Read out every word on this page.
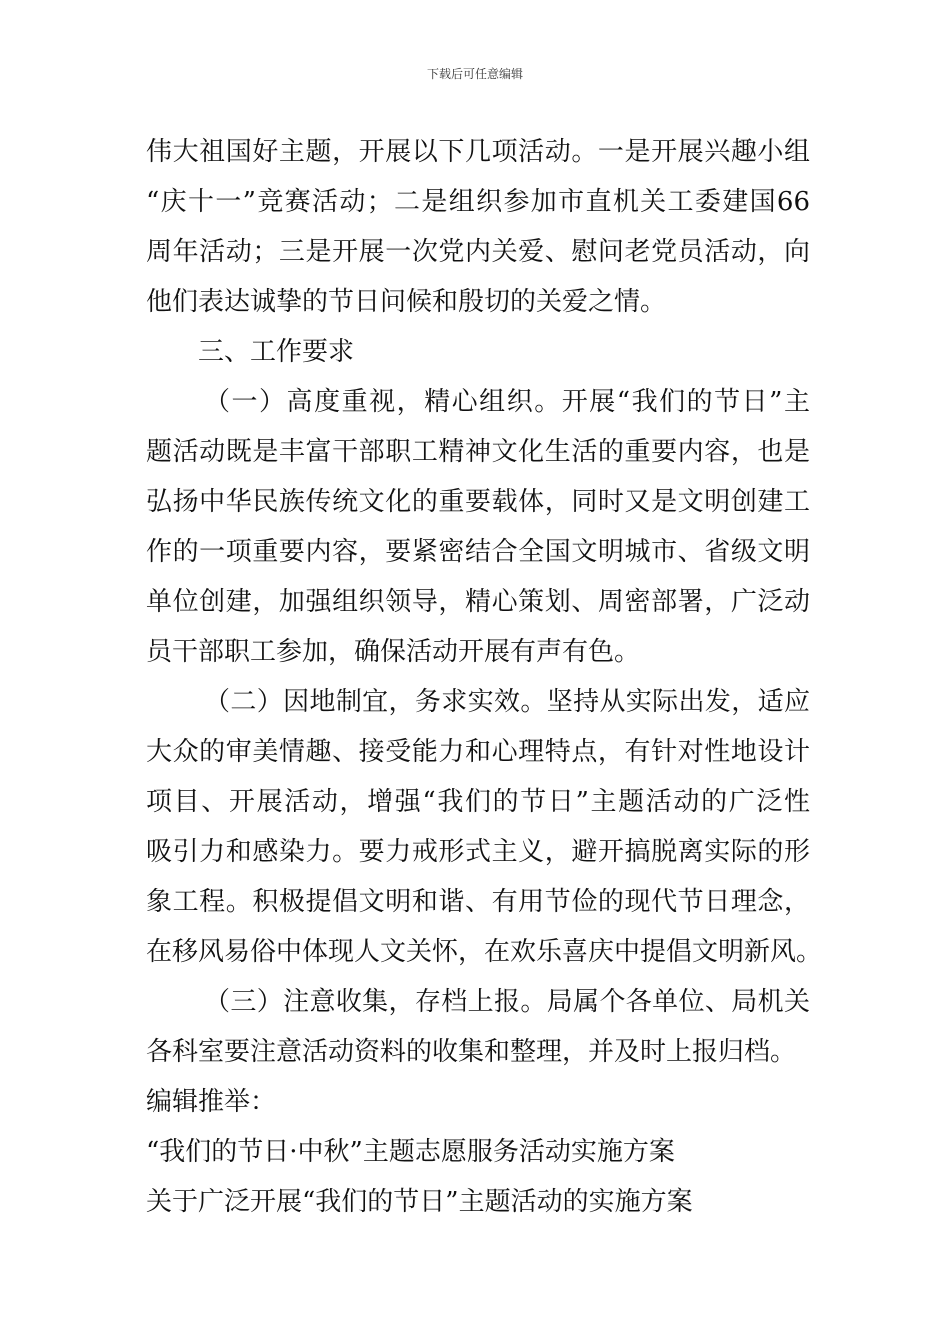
下载后可任意编辑
伟大祖国好主题，开展以下几项活动。一是开展兴趣小组
“庆十一”竞赛活动；二是组织参加市直机关工委建国66
周年活动；三是开展一次党内关爱、慰问老党员活动，向
他们表达诚挚的节日问候和殷切的关爱之情。
三、工作要求
（一）高度重视，精心组织。开展“我们的节日”主
题活动既是丰富干部职工精神文化生活的重要内容，也是
弘扬中华民族传统文化的重要载体，同时又是文明创建工
作的一项重要内容，要紧密结合全国文明城市、省级文明
单位创建，加强组织领导，精心策划、周密部署，广泛动
员干部职工参加，确保活动开展有声有色。
（二）因地制宜，务求实效。坚持从实际出发，适应
大众的审美情趣、接受能力和心理特点，有针对性地设计
项目、开展活动，增强“我们的节日”主题活动的广泛性
吸引力和感染力。要力戒形式主义，避开搞脱离实际的形
象工程。积极提倡文明和谐、有用节俭的现代节日理念，
在移风易俗中体现人文关怀，在欢乐喜庆中提倡文明新风。
（三）注意收集，存档上报。局属个各单位、局机关
各科室要注意活动资料的收集和整理，并及时上报归档。
编辑推举：
“我们的节日·中秋”主题志愿服务活动实施方案
关于广泛开展“我们的节日”主题活动的实施方案
